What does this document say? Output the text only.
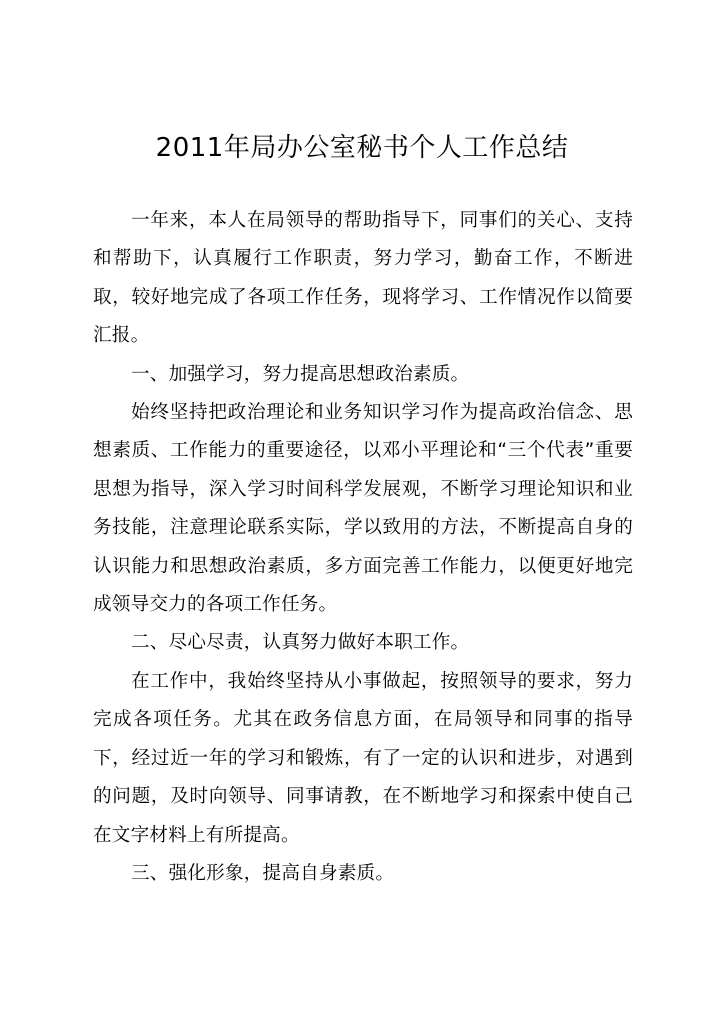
2011年局办公室秘书个人工作总结

一年来，本人在局领导的帮助指导下，同事们的关心、支持和帮助下，认真履行工作职责，努力学习，勤奋工作，不断进取，较好地完成了各项工作任务，现将学习、工作情况作以简要汇报。

一、加强学习，努力提高思想政治素质。

始终坚持把政治理论和业务知识学习作为提高政治信念、思想素质、工作能力的重要途径，以邓小平理论和“三个代表”重要思想为指导，深入学习时间科学发展观，不断学习理论知识和业务技能，注意理论联系实际，学以致用的方法，不断提高自身的认识能力和思想政治素质，多方面完善工作能力，以便更好地完成领导交力的各项工作任务。

二、尽心尽责，认真努力做好本职工作。

在工作中，我始终坚持从小事做起，按照领导的要求，努力完成各项任务。尤其在政务信息方面，在局领导和同事的指导下，经过近一年的学习和锻炼，有了一定的认识和进步，对遇到的问题，及时向领导、同事请教，在不断地学习和探索中使自己在文字材料上有所提高。

三、强化形象，提高自身素质。
